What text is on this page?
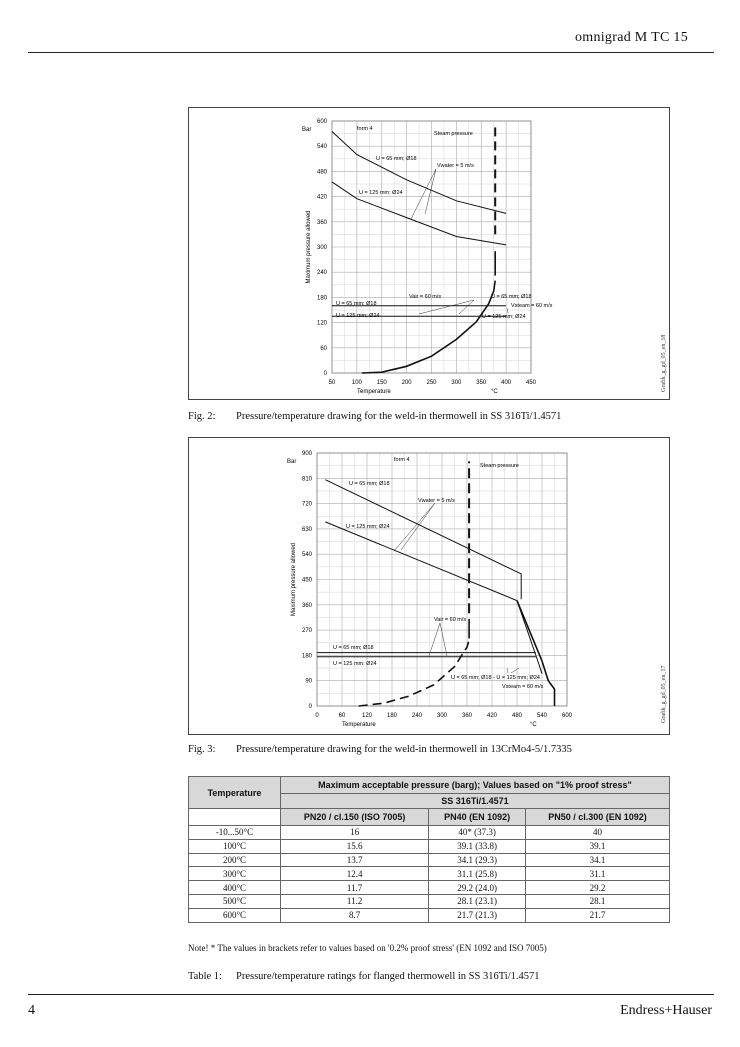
omnigrad M TC 15
50	100 150 200 250 300 350 400 450
0
60
120
180
240
300
360
420
480
540
600
Bar
Temperature	°C
Maximum pressure allowed
form 4
Steam pressure
U = 65 mm; Ø18
Vwater = 5 m/s
U = 125 mm; Ø24
Vair = 60 m/s
U = 65 mm; Ø18
U = 125 mm; Ø24
U = 65 mm; Ø18
Vsteam = 60 m/s
U = 125 mm; Ø24
Grafik_g_gd_05_en_18
Fig. 2: Pressure/temperature drawing for the weld-in thermowell in SS 316Ti/1.4571
0	60	120 180 240 300 360 420 480 540 600
0
90
180
270
360
450
540
630
720
810
900
Bar
Temperature	°C
Maximum pressure allowed
form 4
Steam pressure
U = 65 mm; Ø18
Vwater = 5 m/s
U = 125 mm; Ø24
Vair = 60 m/s
U = 65 mm; Ø18
U = 125 mm; Ø24
U = 65 mm; Ø18 - U = 125 mm; Ø24
Vsteam = 60 m/s	Grafik_g_gd_05_en_17
Fig. 3: Pressure/temperature drawing for the weld-in thermowell in 13CrMo4-5/1.7335
Temperature	Maximum acceptable pressure (barg); Values based on "1% proof stress"		
	SS 316Ti/1.4571		
	PN20 / cl.150 (ISO 7005)	PN40 (EN 1092)	PN50 / cl.300 (EN 1092)
-10...50°C	16	40* (37.3)	40
100°C	15.6	39.1 (33.8)	39.1
200°C	13.7	34.1 (29.3)	34.1
300°C	12.4	31.1 (25.8)	31.1
400°C	11.7	29.2 (24.0)	29.2
500°C	11.2	28.1 (23.1)	28.1
600°C	8.7	21.7 (21.3)	21.7
Note! * The values in brackets refer to values based on '0.2% proof stress' (EN 1092 and ISO 7005)
Table 1: Pressure/temperature ratings for flanged thermowell in SS 316Ti/1.4571
4	Endress+Hauser
